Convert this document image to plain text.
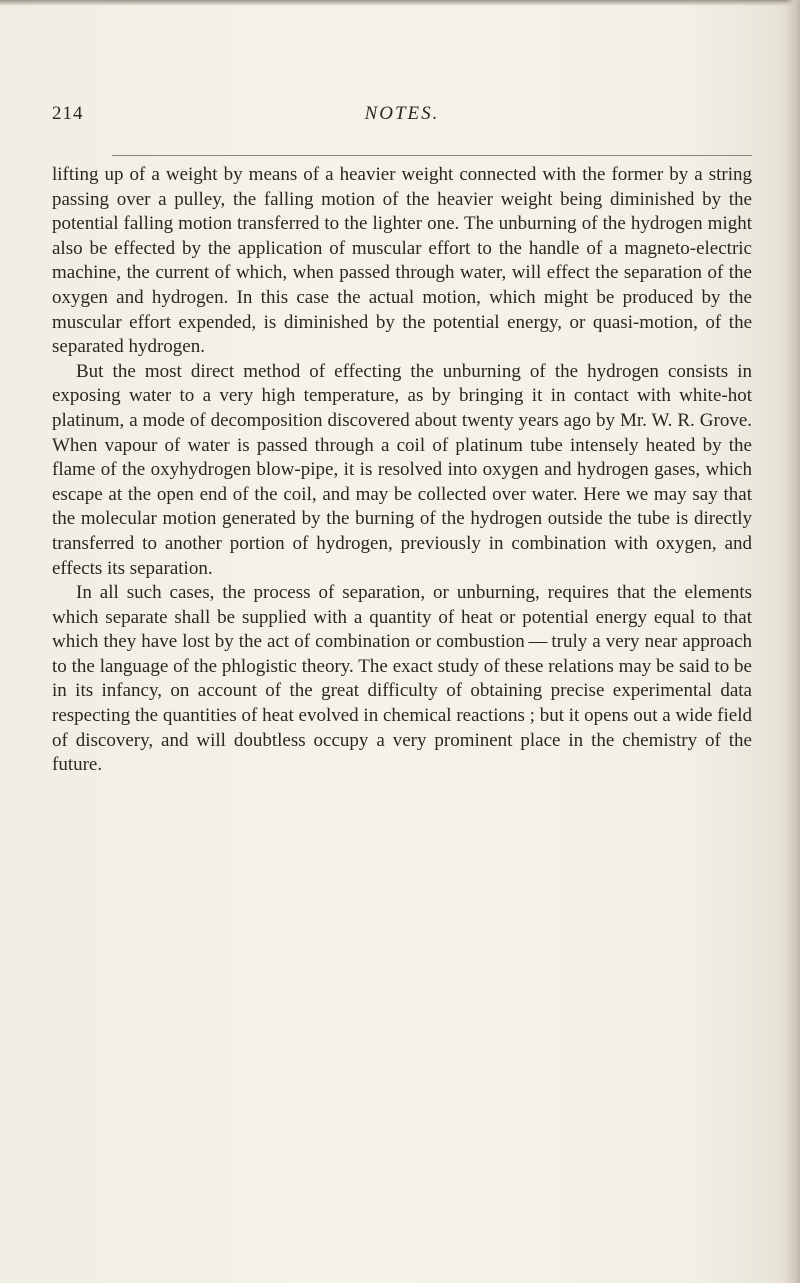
214	NOTES.

lifting up of a weight by means of a heavier weight connected with the former by a string passing over a pulley, the falling motion of the heavier weight being diminished by the potential falling motion transferred to the lighter one. The unburning of the hydrogen might also be effected by the application of muscular effort to the handle of a magneto-electric machine, the current of which, when passed through water, will effect the separation of the oxygen and hydrogen. In this case the actual motion, which might be produced by the muscular effort expended, is diminished by the potential energy, or quasi-motion, of the separated hydrogen.

But the most direct method of effecting the unburning of the hydrogen consists in exposing water to a very high temperature, as by bringing it in contact with white-hot platinum, a mode of decomposition discovered about twenty years ago by Mr. W. R. Grove. When vapour of water is passed through a coil of platinum tube intensely heated by the flame of the oxyhydrogen blow-pipe, it is resolved into oxygen and hydrogen gases, which escape at the open end of the coil, and may be collected over water. Here we may say that the molecular motion generated by the burning of the hydrogen outside the tube is directly transferred to another portion of hydrogen, previously in combination with oxygen, and effects its separation.

In all such cases, the process of separation, or unburning, requires that the elements which separate shall be supplied with a quantity of heat or potential energy equal to that which they have lost by the act of combination or combustion — truly a very near approach to the language of the phlogistic theory. The exact study of these relations may be said to be in its infancy, on account of the great difficulty of obtaining precise experimental data respecting the quantities of heat evolved in chemical reactions ; but it opens out a wide field of discovery, and will doubtless occupy a very prominent place in the chemistry of the future.
